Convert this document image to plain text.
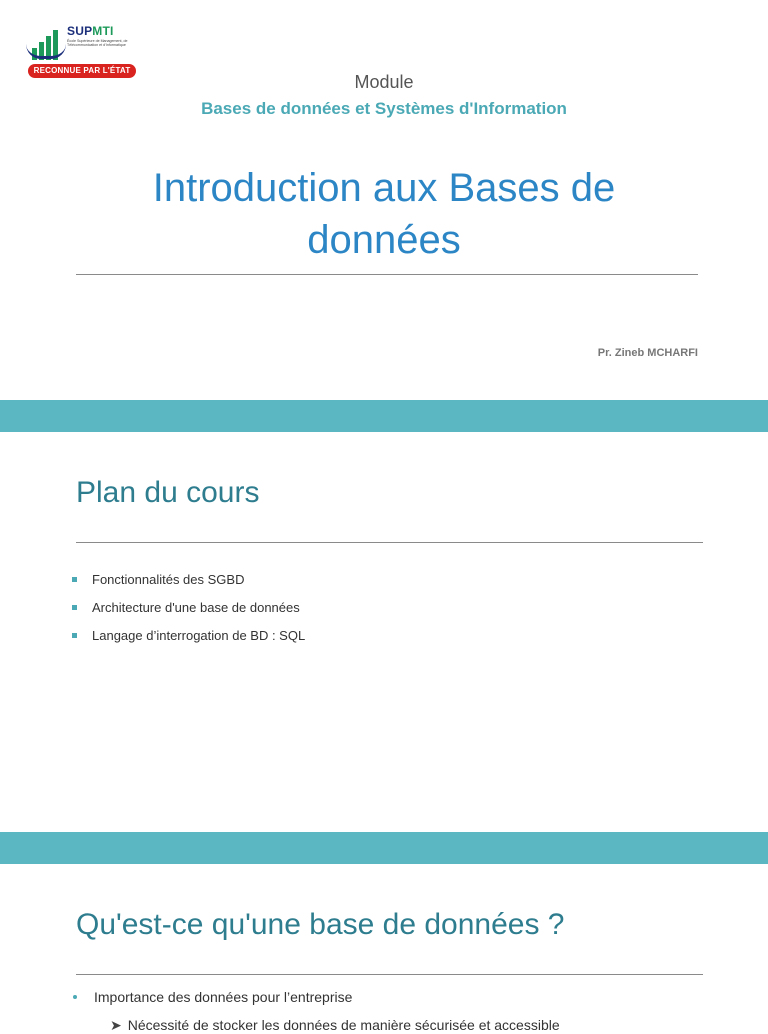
SUPMTI
École Supérieure de Management, de Télécommunication et d'Informatique
RECONNUE PAR L'ÉTAT
Module
Bases de données et Systèmes d'Information
Introduction aux Bases de
données
Pr. Zineb MCHARFI
Plan du cours
Fonctionnalités des SGBD
Architecture d'une base de données
Langage d’interrogation de BD : SQL
Qu'est-ce qu'une base de données ?
Importance des données pour l’entreprise
➤ Nécessité de stocker les données de manière sécurisée et accessible
